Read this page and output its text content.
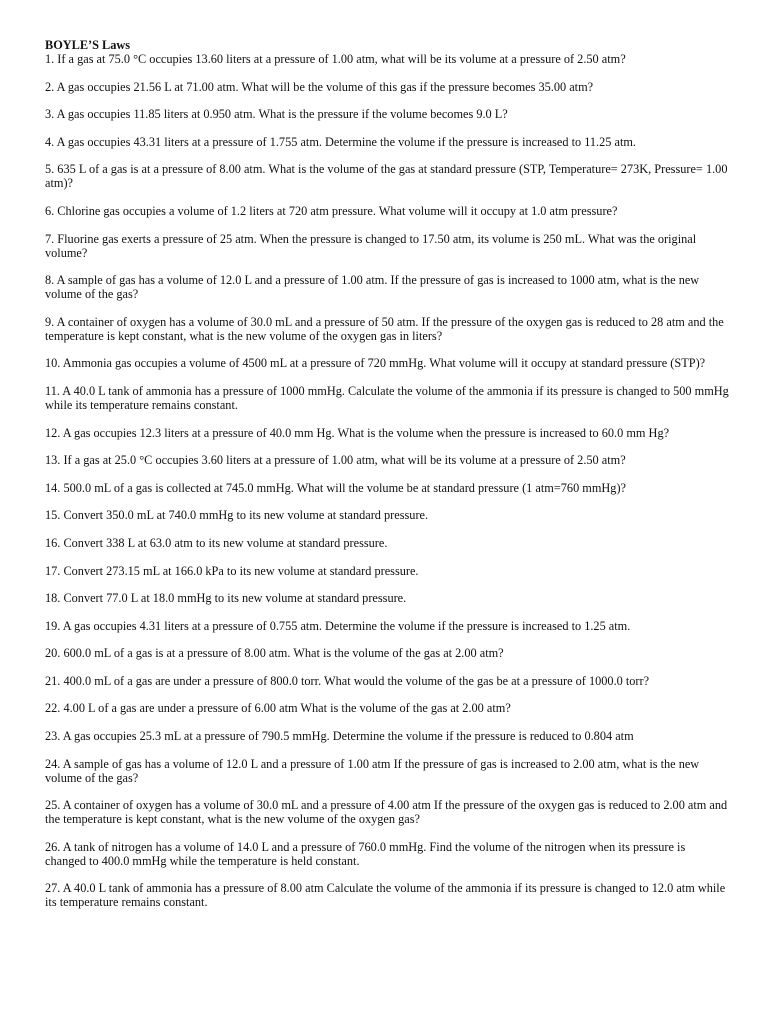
BOYLE’S Laws
1. If a gas at 75.0 °C occupies 13.60 liters at a pressure of 1.00 atm, what will be its volume at a pressure of 2.50 atm?
2. A gas occupies 21.56 L at 71.00 atm. What will be the volume of this gas if the pressure becomes 35.00 atm?
3. A gas occupies 11.85 liters at 0.950 atm. What is the pressure if the volume becomes 9.0 L?
4. A gas occupies 43.31 liters at a pressure of 1.755 atm. Determine the volume if the pressure is increased to 11.25 atm.
5. 635 L of a gas is at a pressure of 8.00 atm. What is the volume of the gas at standard pressure (STP, Temperature= 273K, Pressure= 1.00 atm)?
6. Chlorine gas occupies a volume of 1.2 liters at 720 atm pressure. What volume will it occupy at 1.0 atm pressure?
7. Fluorine gas exerts a pressure of 25 atm. When the pressure is changed to 17.50 atm, its volume is 250 mL. What was the original volume?
8. A sample of gas has a volume of 12.0 L and a pressure of 1.00 atm. If the pressure of gas is increased to 1000 atm, what is the new volume of the gas?
9. A container of oxygen has a volume of 30.0 mL and a pressure of 50 atm. If the pressure of the oxygen gas is reduced to 28 atm and the temperature is kept constant, what is the new volume of the oxygen gas in liters?
10. Ammonia gas occupies a volume of 4500 mL at a pressure of 720 mmHg. What volume will it occupy at standard pressure (STP)?
11. A 40.0 L tank of ammonia has a pressure of 1000 mmHg. Calculate the volume of the ammonia if its pressure is changed to 500 mmHg while its temperature remains constant.
12. A gas occupies 12.3 liters at a pressure of 40.0 mm Hg. What is the volume when the pressure is increased to 60.0 mm Hg?
13. If a gas at 25.0 °C occupies 3.60 liters at a pressure of 1.00 atm, what will be its volume at a pressure of 2.50 atm?
14. 500.0 mL of a gas is collected at 745.0 mmHg. What will the volume be at standard pressure (1 atm=760 mmHg)?
15. Convert 350.0 mL at 740.0 mmHg to its new volume at standard pressure.
16. Convert 338 L at 63.0 atm to its new volume at standard pressure.
17. Convert 273.15 mL at 166.0 kPa to its new volume at standard pressure.
18. Convert 77.0 L at 18.0 mmHg to its new volume at standard pressure.
19. A gas occupies 4.31 liters at a pressure of 0.755 atm. Determine the volume if the pressure is increased to 1.25 atm.
20. 600.0 mL of a gas is at a pressure of 8.00 atm. What is the volume of the gas at 2.00 atm?
21. 400.0 mL of a gas are under a pressure of 800.0 torr. What would the volume of the gas be at a pressure of 1000.0 torr?
22. 4.00 L of a gas are under a pressure of 6.00 atm What is the volume of the gas at 2.00 atm?
23. A gas occupies 25.3 mL at a pressure of 790.5 mmHg. Determine the volume if the pressure is reduced to 0.804 atm
24. A sample of gas has a volume of 12.0 L and a pressure of 1.00 atm If the pressure of gas is increased to 2.00 atm, what is the new volume of the gas?
25. A container of oxygen has a volume of 30.0 mL and a pressure of 4.00 atm If the pressure of the oxygen gas is reduced to 2.00 atm and the temperature is kept constant, what is the new volume of the oxygen gas?
26. A tank of nitrogen has a volume of 14.0 L and a pressure of 760.0 mmHg. Find the volume of the nitrogen when its pressure is changed to 400.0 mmHg while the temperature is held constant.
27. A 40.0 L tank of ammonia has a pressure of 8.00 atm Calculate the volume of the ammonia if its pressure is changed to 12.0 atm while its temperature remains constant.
